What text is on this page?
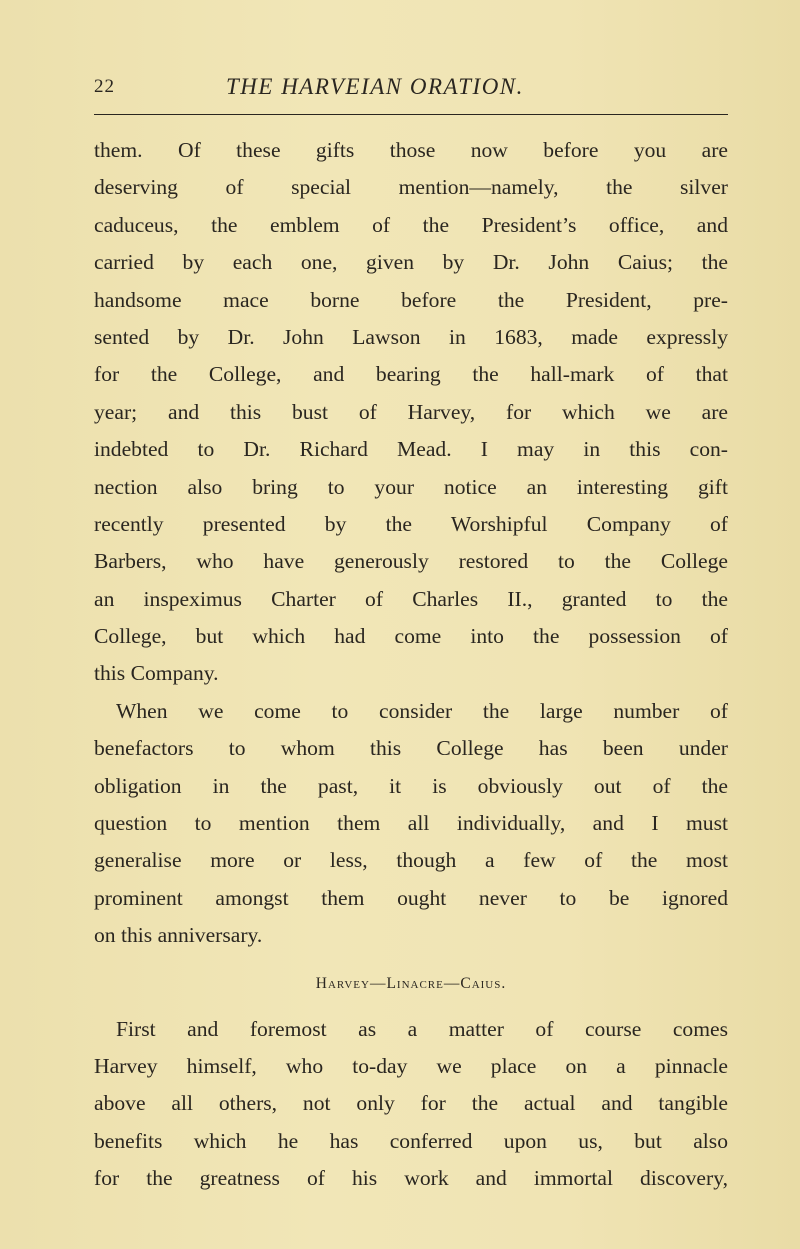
22	THE HARVEIAN ORATION.
them. Of these gifts those now before you are
deserving of special mention—namely, the silver
caduceus, the emblem of the President’s office, and
carried by each one, given by Dr. John Caius; the
handsome mace borne before the President, pre-
sented by Dr. John Lawson in 1683, made expressly
for the College, and bearing the hall-mark of that
year; and this bust of Harvey, for which we are
indebted to Dr. Richard Mead. I may in this con-
nection also bring to your notice an interesting gift
recently presented by the Worshipful Company of
Barbers, who have generously restored to the College
an inspeximus Charter of Charles II., granted to the
College, but which had come into the possession of
this Company.
When we come to consider the large number of
benefactors to whom this College has been under
obligation in the past, it is obviously out of the
question to mention them all individually, and I must
generalise more or less, though a few of the most
prominent amongst them ought never to be ignored
on this anniversary.
Harvey—Linacre—Caius.
First and foremost as a matter of course comes
Harvey himself, who to-day we place on a pinnacle
above all others, not only for the actual and tangible
benefits which he has conferred upon us, but also
for the greatness of his work and immortal discovery,
